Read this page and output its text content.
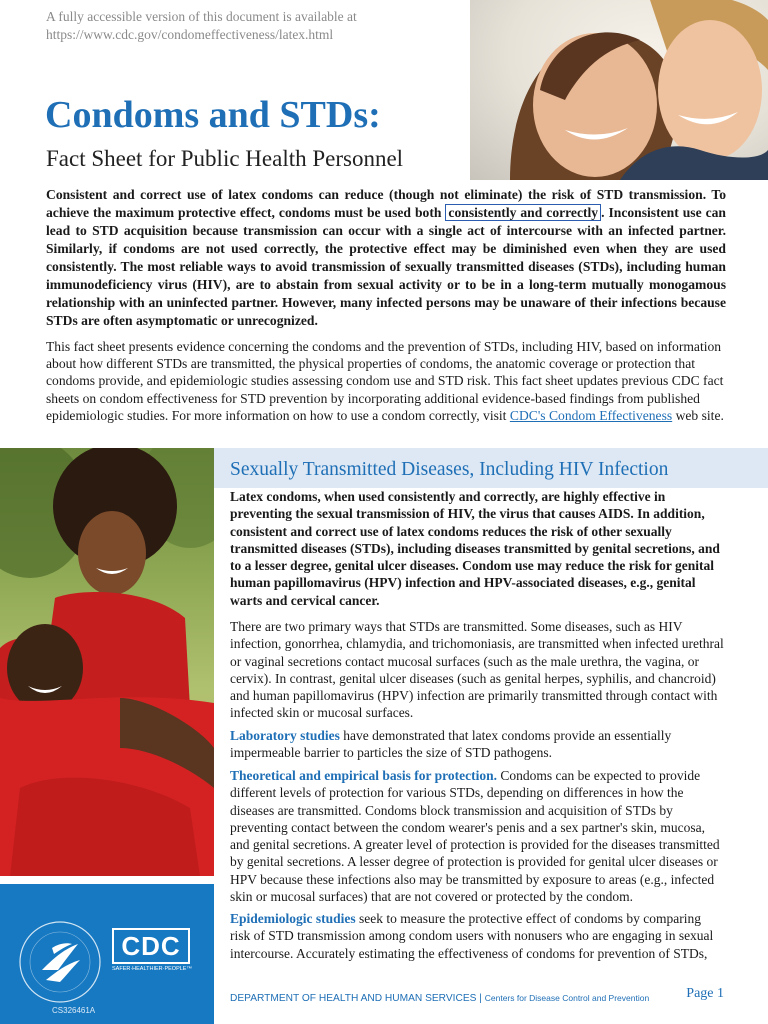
A fully accessible version of this document is available at
https://www.cdc.gov/condomeffectiveness/latex.html
Condoms and STDs:
Fact Sheet for Public Health Personnel

Consistent and correct use of latex condoms can reduce (though not eliminate) the risk of STD transmission. To achieve the maximum protective effect, condoms must be used both consistently and correctly . Inconsistent use can lead to STD acquisition because transmission can occur with a single act of intercourse with an infected partner. Similarly, if condoms are not used correctly, the protective effect may be diminished even when they are used consistently. The most reliable ways to avoid transmission of sexually transmitted diseases (STDs), including human immunodeficiency virus (HIV), are to abstain from sexual activity or to be in a long-term mutually monogamous relationship with an uninfected partner. However, many infected persons may be unaware of their infections because STDs are often asymptomatic or unrecognized.

This fact sheet presents evidence concerning the condoms and the prevention of STDs, including HIV, based on information about how different STDs are transmitted, the physical properties of condoms, the anatomic coverage or protection that condoms provide, and epidemiologic studies assessing condom use and STD risk. This fact sheet updates previous CDC fact sheets on condom effectiveness for STD prevention by incorporating additional evidence-based findings from published epidemiologic studies. For more information on how to use a condom correctly, visit CDC's Condom Effectiveness web site.

CDC
SAFER·HEALTHIER·PEOPLE™
CS326461A
Sexually Transmitted Diseases, Including HIV Infection
Latex condoms, when used consistently and correctly, are highly effective in preventing the sexual transmission of HIV, the virus that causes AIDS. In addition, consistent and correct use of latex condoms reduces the risk of other sexually transmitted diseases (STDs), including diseases transmitted by genital secretions, and to a lesser degree, genital ulcer diseases. Condom use may reduce the risk for genital human papillomavirus (HPV) infection and HPV-associated diseases, e.g., genital warts and cervical cancer.
There are two primary ways that STDs are transmitted. Some diseases, such as HIV infection, gonorrhea, chlamydia, and trichomoniasis, are transmitted when infected urethral or vaginal secretions contact mucosal surfaces (such as the male urethra, the vagina, or cervix). In contrast, genital ulcer diseases (such as genital herpes, syphilis, and chancroid) and human papillomavirus (HPV) infection are primarily transmitted through contact with infected skin or mucosal surfaces.
Laboratory studies have demonstrated that latex condoms provide an essentially impermeable barrier to particles the size of STD pathogens.
Theoretical and empirical basis for protection. Condoms can be expected to provide different levels of protection for various STDs, depending on differences in how the diseases are transmitted. Condoms block transmission and acquisition of STDs by preventing contact between the condom wearer's penis and a sex partner's skin, mucosa, and genital secretions. A greater level of protection is provided for the diseases transmitted by genital secretions. A lesser degree of protection is provided for genital ulcer diseases or HPV because these infections also may be transmitted by exposure to areas (e.g., infected skin or mucosal surfaces) that are not covered or protected by the condom.
Epidemiologic studies seek to measure the protective effect of condoms by comparing risk of STD transmission among condom users with nonusers who are engaging in sexual intercourse. Accurately estimating the effectiveness of condoms for prevention of STDs,
DEPARTMENT OF HEALTH AND HUMAN SERVICES | Centers for Disease Control and Prevention	Page 1
